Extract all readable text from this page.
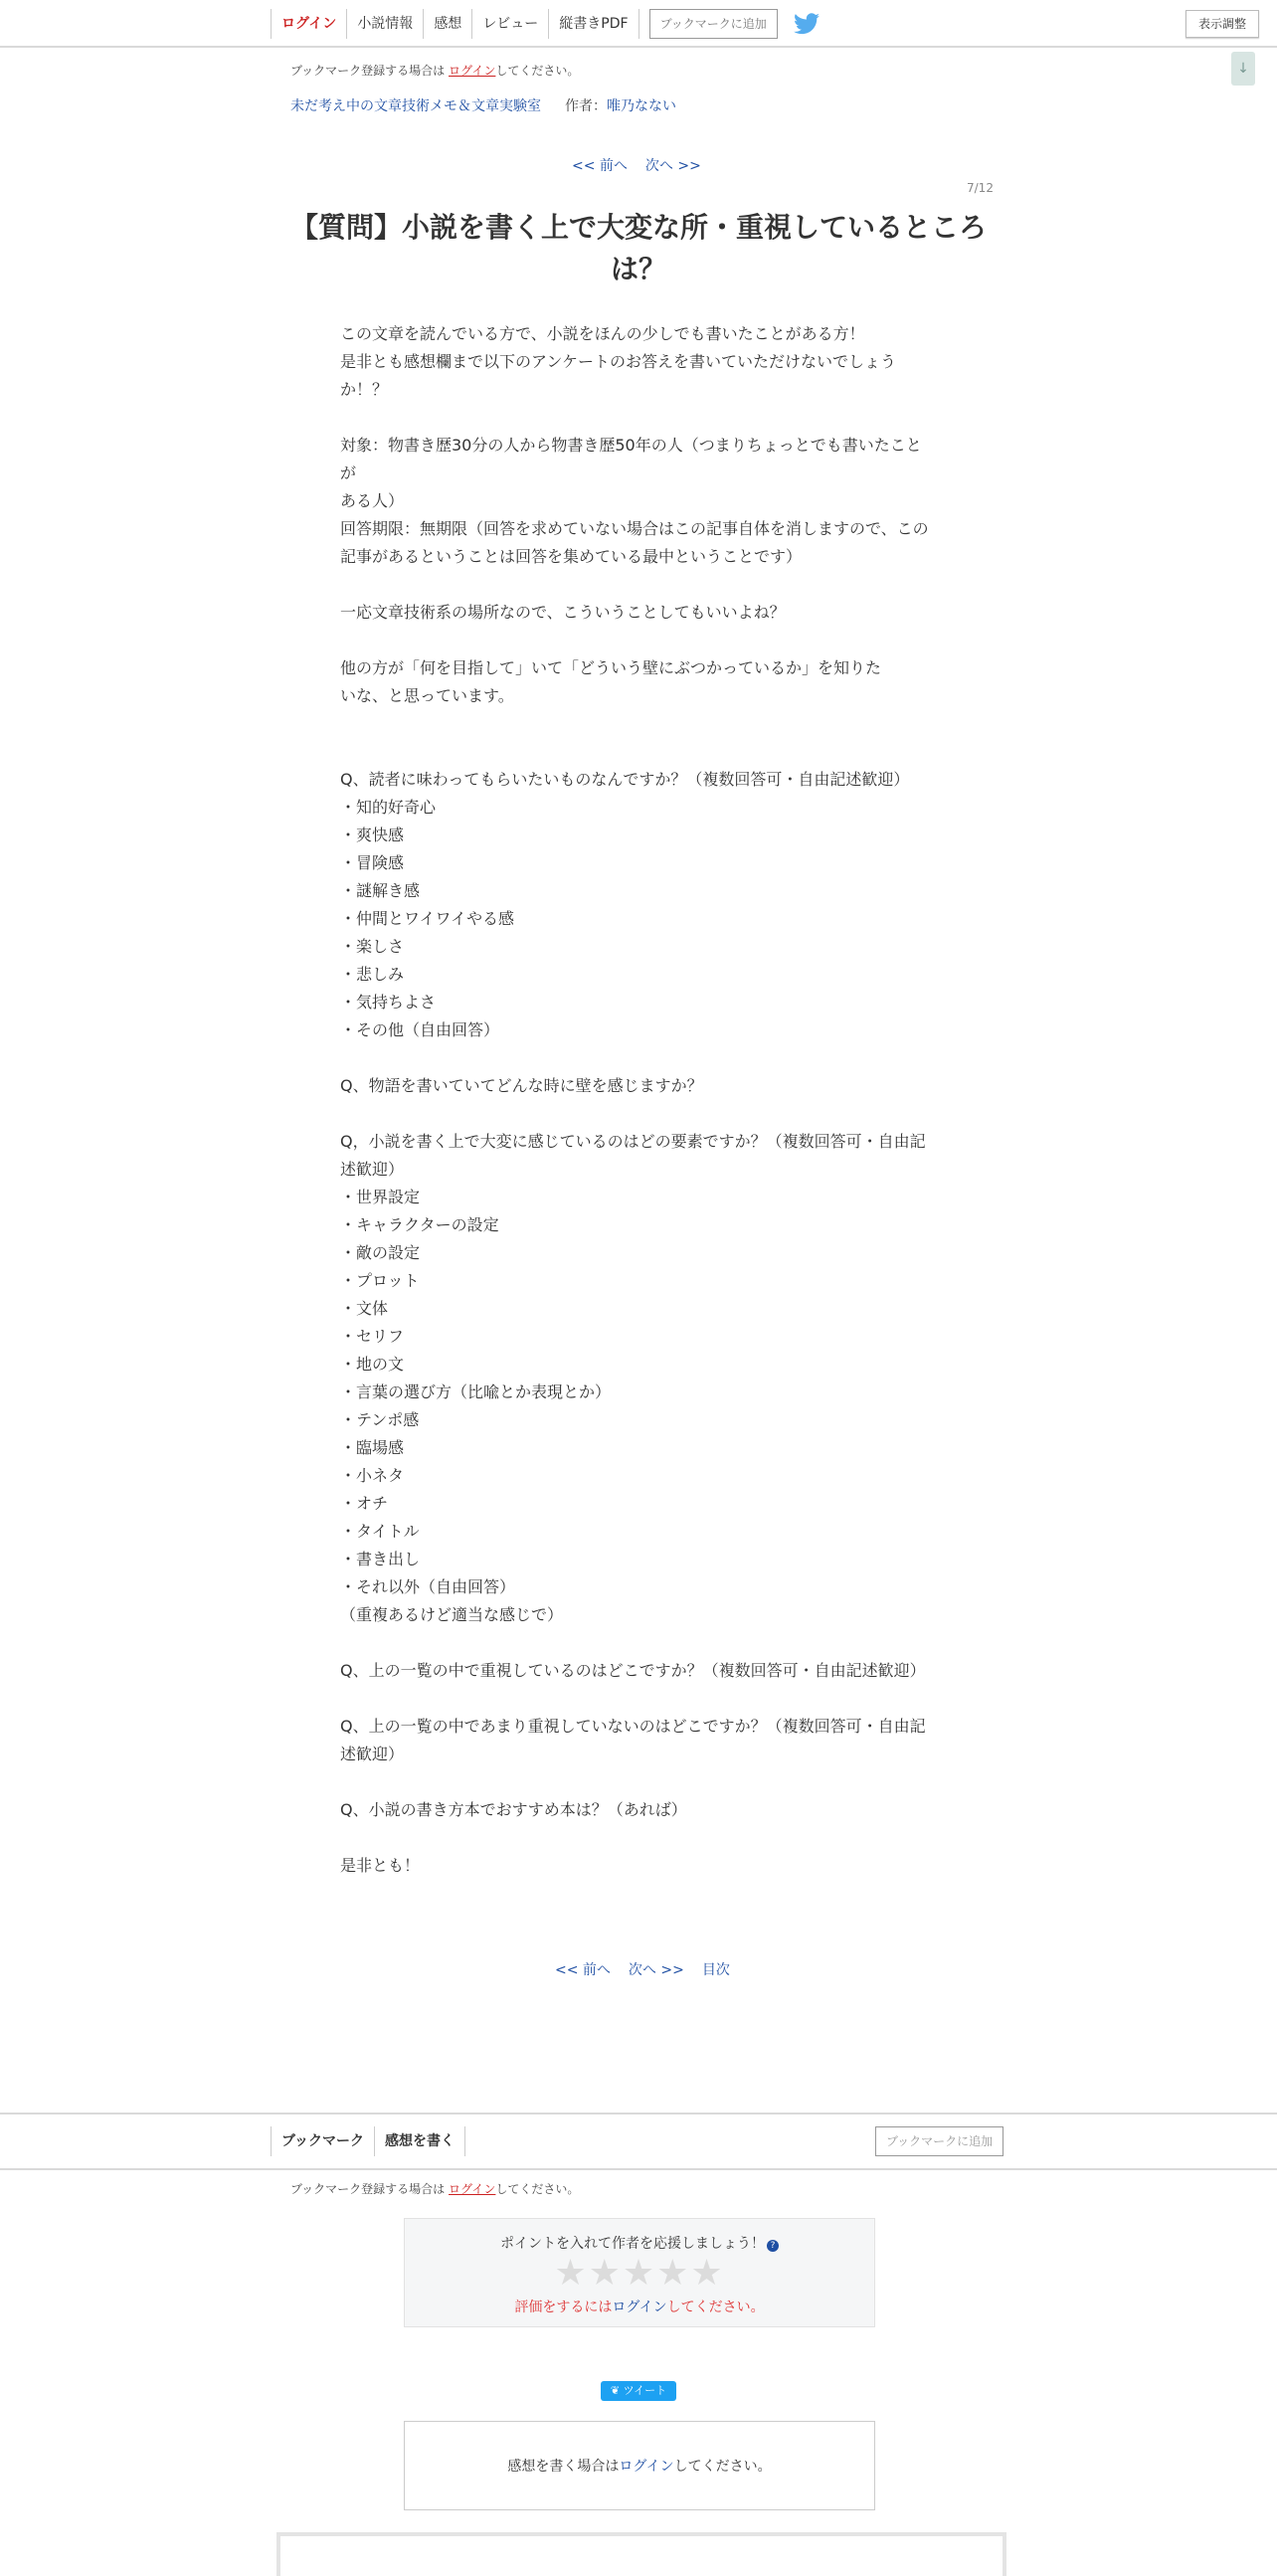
ログイン	小説情報	感想	レビュー	縦書きPDF	ブックマークに追加	表示調整
↓
ブックマーク登録する場合は ログインしてください。
未だ考え中の文章技術メモ＆文章実験室 作者：唯乃なない
<< 前へ 次へ >>
7/12
【質問】小説を書く上で大変な所・重視しているところは？
この文章を読んでいる方で、小説をほんの少しでも書いたことがある方！
是非とも感想欄まで以下のアンケートのお答えを書いていただけないでしょう
か！？
対象：物書き歴30分の人から物書き歴50年の人（つまりちょっとでも書いたことが
ある人）
回答期限：無期限（回答を求めていない場合はこの記事自体を消しますので、この
記事があるということは回答を集めている最中ということです）
一応文章技術系の場所なので、こういうことしてもいいよね？
他の方が「何を目指して」いて「どういう壁にぶつかっているか」を知りた
いな、と思っています。
Q、読者に味わってもらいたいものなんですか？（複数回答可・自由記述歓迎）
・知的好奇心
・爽快感
・冒険感
・謎解き感
・仲間とワイワイやる感
・楽しさ
・悲しみ
・気持ちよさ
・その他（自由回答）
Q、物語を書いていてどんな時に壁を感じますか？
Q，小説を書く上で大変に感じているのはどの要素ですか？（複数回答可・自由記
述歓迎）
・世界設定
・キャラクターの設定
・敵の設定
・プロット
・文体
・セリフ
・地の文
・言葉の選び方（比喩とか表現とか）
・テンポ感
・臨場感
・小ネタ
・オチ
・タイトル
・書き出し
・それ以外（自由回答）
（重複あるけど適当な感じで）
Q、上の一覧の中で重視しているのはどこですか？（複数回答可・自由記述歓迎）
Q、上の一覧の中であまり重視していないのはどこですか？（複数回答可・自由記
述歓迎）
Q、小説の書き方本でおすすめ本は？（あれば）
是非とも！
<< 前へ 次へ >> 目次
ブックマーク	感想を書く	ブックマークに追加
ブックマーク登録する場合は ログインしてください。
ポイントを入れて作者を応援しましょう！ ?
★★★★★
評価をするにはログインしてください。
❦ ツイート
感想を書く場合はログインしてください。
